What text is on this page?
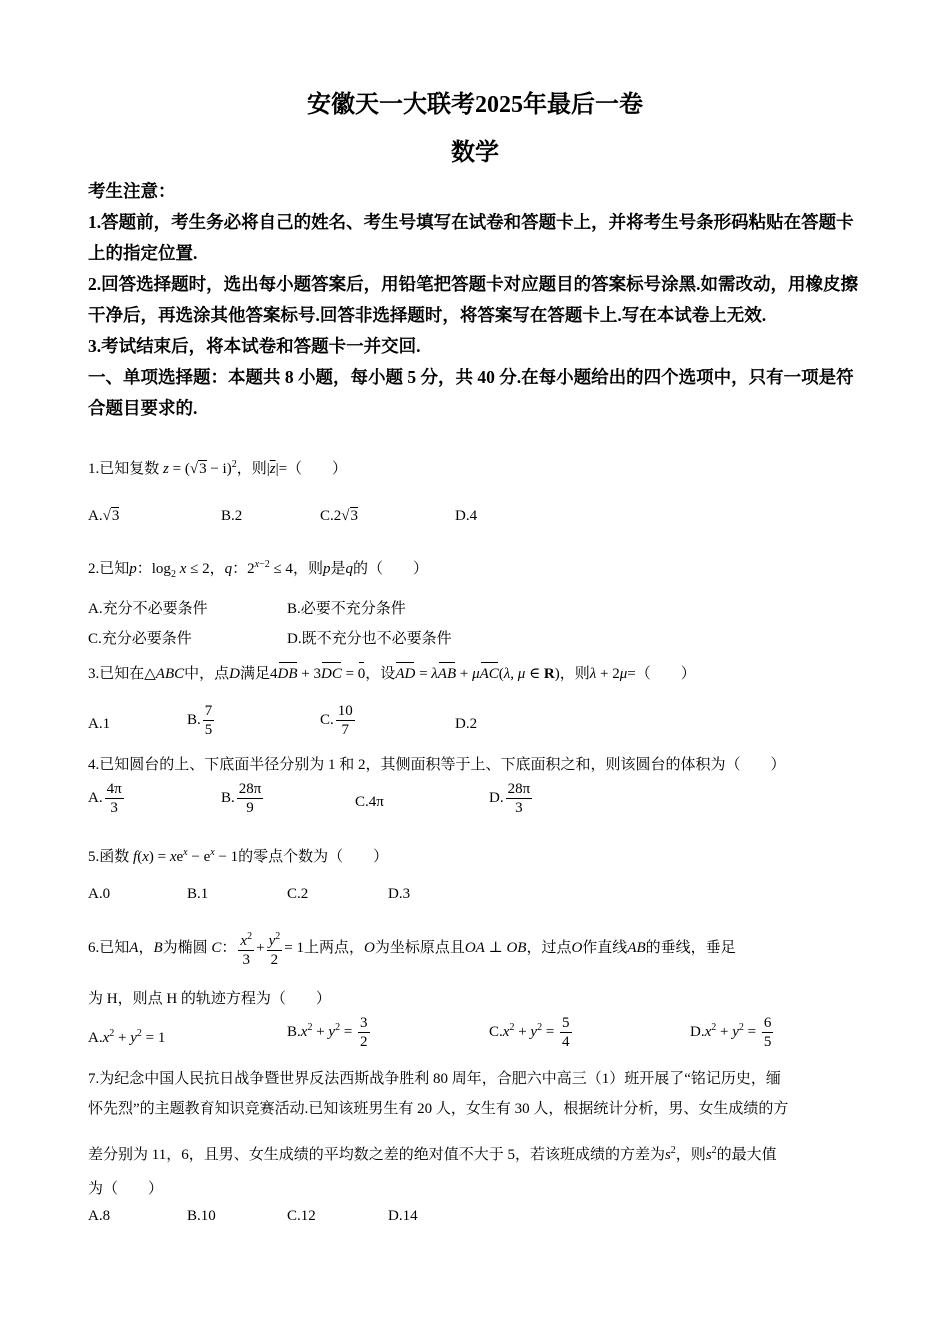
安徽天一大联考2025年最后一卷
数学

考生注意：

1.答题前，考生务必将自己的姓名、考生号填写在试卷和答题卡上，并将考生号条形码粘贴在答题卡上的指定位置.

2.回答选择题时，选出每小题答案后，用铅笔把答题卡对应题目的答案标号涂黑.如需改动，用橡皮擦干净后，再选涂其他答案标号.回答非选择题时，将答案写在答题卡上.写在本试卷上无效.

3.考试结束后，将本试卷和答题卡一并交回.

一、单项选择题：本题共 8 小题，每小题 5 分，共 40 分.在每小题给出的四个选项中，只有一项是符合题目要求的.

1.已知复数 $z = (√3 - i)^2$，则$|\overline{z}|=$（　　）
A.√3	B.2	C.2√3	D.4
2.已知p：$\log_2 x \le 2$，q：$2^{x-2} \le 4$，则p是q的（　　）
A.充分不必要条件	B.必要不充分条件
C.充分必要条件	D.既不充分也不必要条件
3.已知在△ABC中，点D满足4DB + 3DC = 0，设AD = λAB + μAC(λ, μ ∈ R)，则λ + 2μ=（　　）
A.1	B. $\frac{7}{5}$	C. $\frac{10}{7}$	D.2
4.已知圆台的上、下底面半径分别为 1 和 2，其侧面积等于上、下底面积之和，则该圆台的体积为（　　）
A. $\frac{4\pi}{3}$	B. $\frac{28\pi}{9}$	C.4π	D. $\frac{28\pi}{3}$
5.函数 $f(x) = xe^x - e^x - 1$的零点个数为（　　）
A.0	B.1	C.2	D.3
6.已知A，B为椭圆 C： $\frac{x^2}{3} + \frac{y^2}{2} = 1$上两点，O为坐标原点且OA ⊥ OB，过点O作直线AB的垂线，垂足
为 H，则点 H 的轨迹方程为（　　）
$A.x^2 + y^2 = 1$	$B.x^2 + y^2 = \frac{3}{2}$	$C.x^2 + y^2 = \frac{5}{4}$	$D.x^2 + y^2 = \frac{6}{5}$
7.为纪念中国人民抗日战争暨世界反法西斯战争胜利 80 周年，合肥六中高三（1）班开展了“铭记历史，缅
怀先烈”的主题教育知识竞赛活动.已知该班男生有 20 人，女生有 30 人，根据统计分析，男、女生成绩的方
差分别为 11，6，且男、女生成绩的平均数之差的绝对值不大于 5，若该班成绩的方差为$s^2$，则$s^2$的最大值
为（　　）
A.8	B.10	C.12	D.14
